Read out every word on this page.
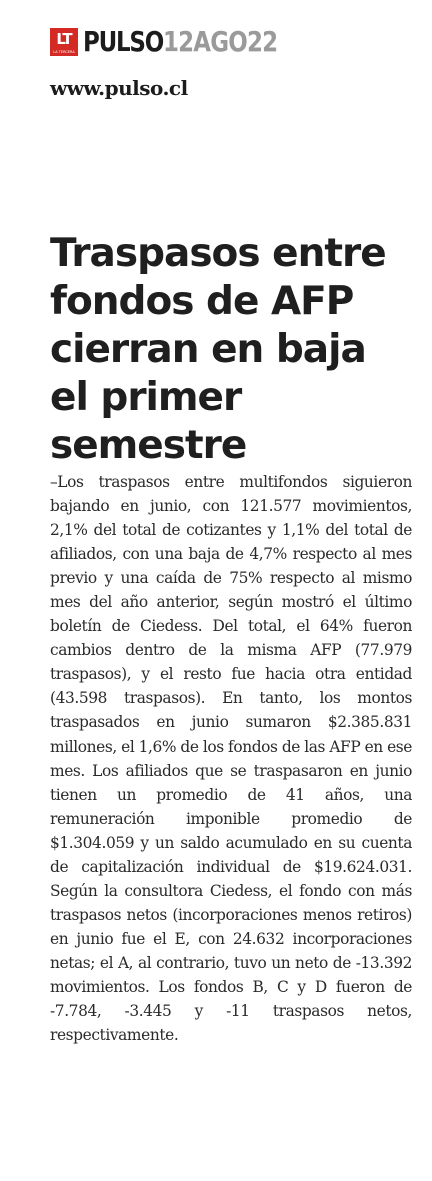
LT
LA TERCERA PULSO 12AGO22
www.pulso.cl
Traspasos entre fondos de AFP cierran en baja el primer semestre

–Los traspasos entre multifondos siguieron bajando en junio, con 121.577 movimientos, 2,1% del total de cotizantes y 1,1% del total de afiliados, con una baja de 4,7% respecto al mes previo y una caída de 75% respecto al mismo mes del año anterior, según mostró el último boletín de Ciedess. Del total, el 64% fueron cambios dentro de la misma AFP (77.979 traspasos), y el resto fue hacia otra entidad (43.598 traspasos). En tanto, los montos traspasados en junio sumaron $2.385.831 millones, el 1,6% de los fondos de las AFP en ese mes. Los afiliados que se traspasaron en junio tienen un promedio de 41 años, una remuneración imponible promedio de $1.304.059 y un saldo acumulado en su cuenta de capitalización individual de $19.624.031. Según la consultora Ciedess, el fondo con más traspasos netos (incorporaciones menos retiros) en junio fue el E, con 24.632 incorporaciones netas; el A, al contrario, tuvo un neto de -13.392 movimientos. Los fondos B, C y D fueron de -7.784, -3.445 y -11 traspasos netos, respectivamente.
